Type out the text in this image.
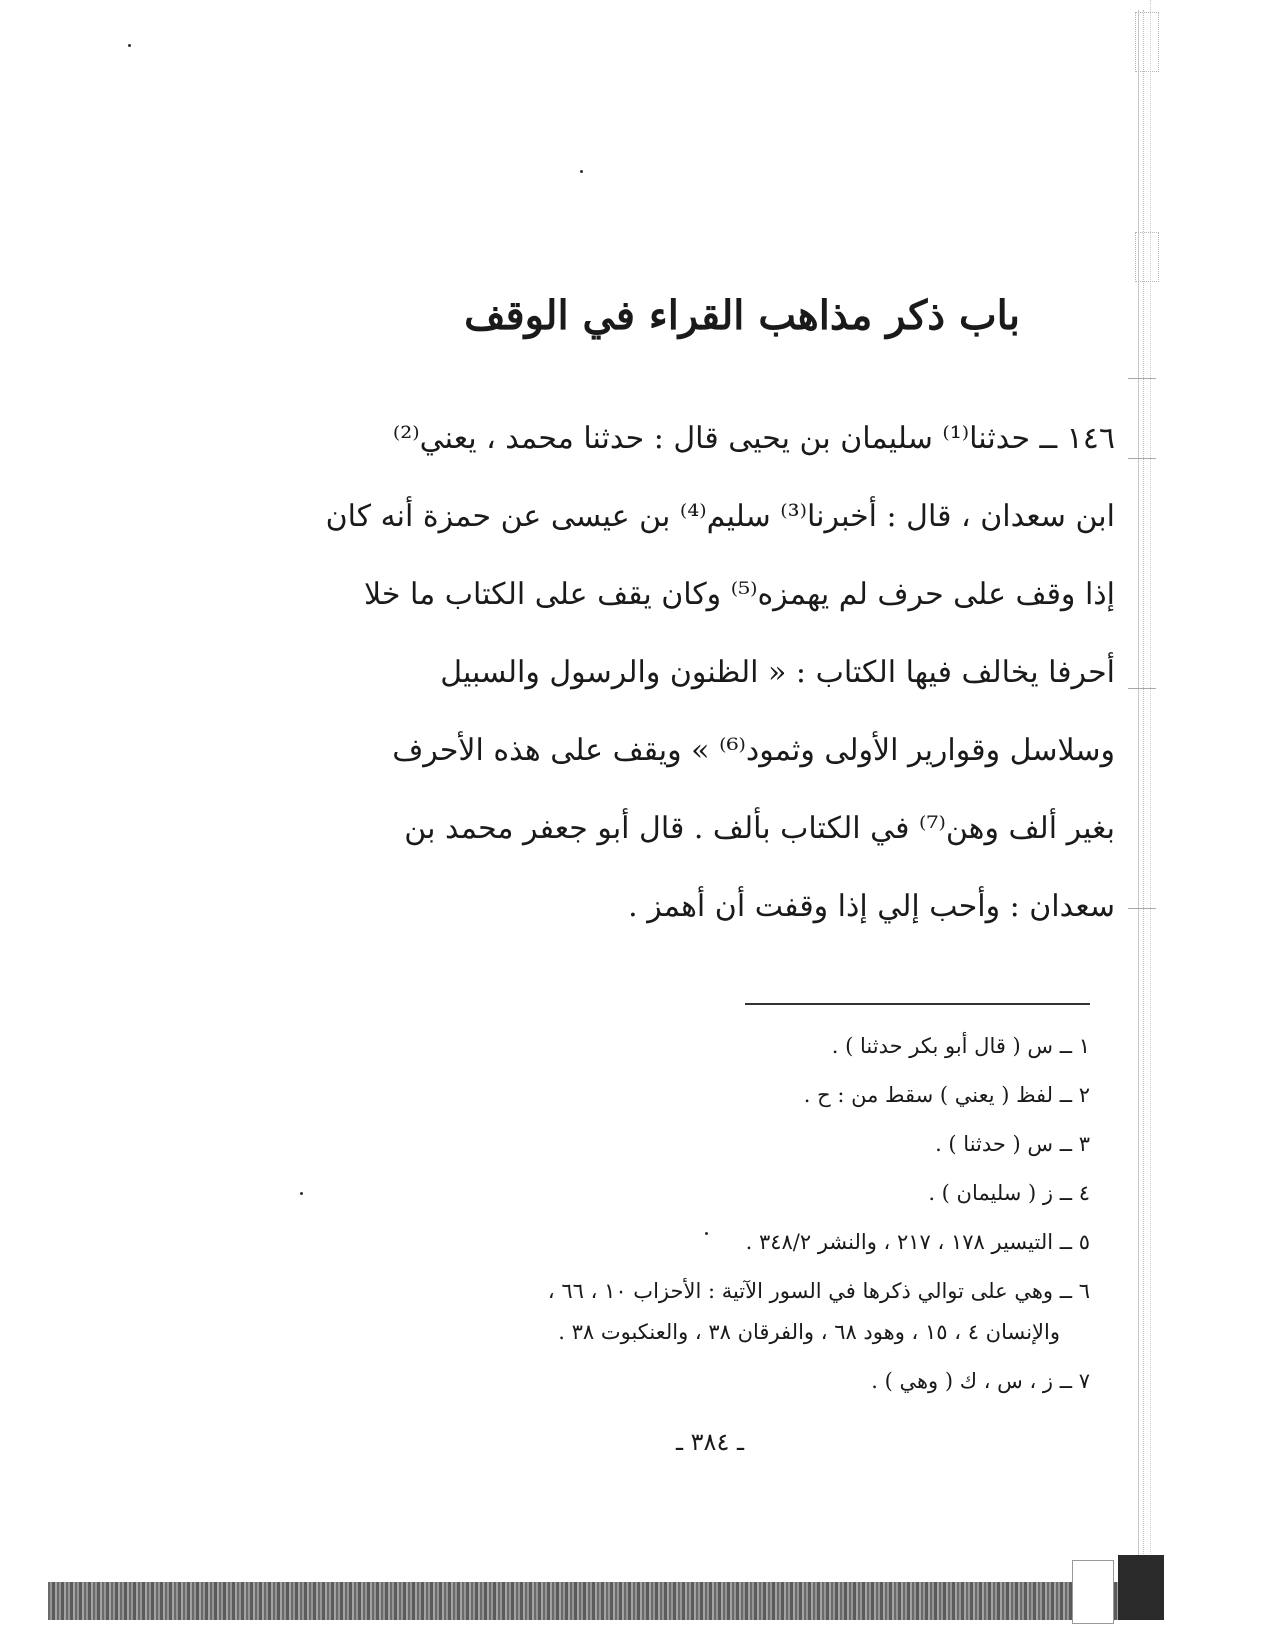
باب ذكر مذاهب القراء في الوقف
١٤٦ ــ حدثنا⁽¹⁾ سليمان بن يحيى قال : حدثنا محمد ، يعني⁽²⁾
ابن سعدان ، قال : أخبرنا⁽³⁾ سليم⁽⁴⁾ بن عيسى عن حمزة أنه كان
إذا وقف على حرف لم يهمزه⁽⁵⁾ وكان يقف على الكتاب ما خلا
أحرفا يخالف فيها الكتاب : « الظنون والرسول والسبيل
وسلاسل وقوارير الأولى وثمود⁽⁶⁾ » ويقف على هذه الأحرف
بغير ألف وهن⁽⁷⁾ في الكتاب بألف . قال أبو جعفر محمد بن
سعدان : وأحب إلي إذا وقفت أن أهمز .
١ ــ س ( قال أبو بكر حدثنا ) .
٢ ــ لفظ ( يعني ) سقط من : ح .
٣ ــ س ( حدثنا ) .
٤ ــ ز ( سليمان ) .
٥ ــ التيسير ١٧٨ ، ٢١٧ ، والنشر ٣٤٨/٢ .
٦ ــ وهي على توالي ذكرها في السور الآتية : الأحزاب ١٠ ، ٦٦ ،
والإنسان ٤ ، ١٥ ، وهود ٦٨ ، والفرقان ٣٨ ، والعنكبوت ٣٨ .
٧ ــ ز ، س ، ك ( وهي ) .
ـ ٣٨٤ ـ
